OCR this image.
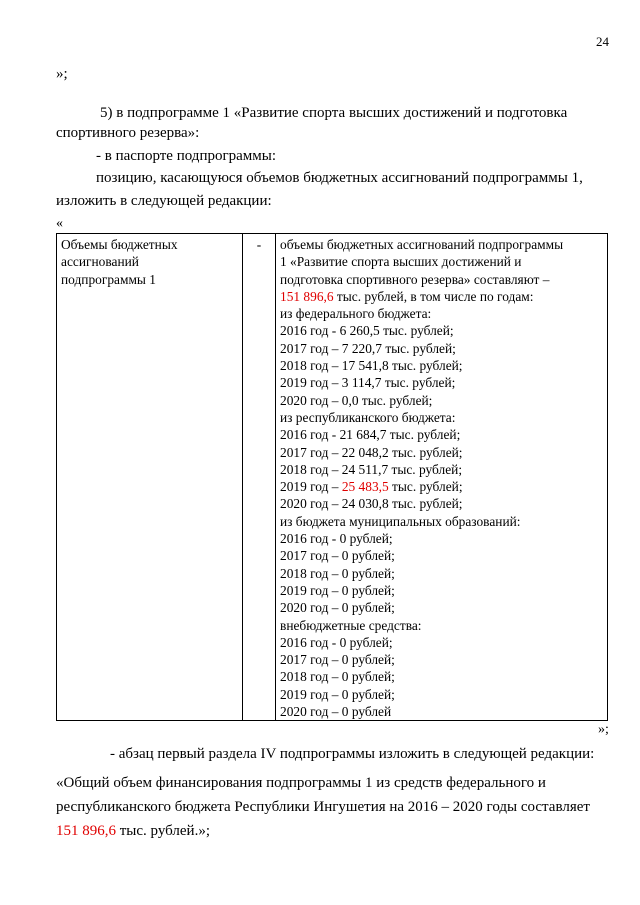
24
»;
5) в подпрограмме 1 «Развитие спорта высших достижений и подготовка
спортивного резерва»:
- в паспорте подпрограммы:
позицию, касающуюся объемов бюджетных ассигнований подпрограммы 1,
изложить в следующей редакции:
«
Объемы бюджетных
ассигнований
подпрограммы 1
	-	объемы бюджетных ассигнований подпрограммы
1 «Развитие спорта высших достижений и
подготовка спортивного резерва» составляют –
151 896,6 тыс. рублей, в том числе по годам:
из федерального бюджета:
2016 год - 6 260,5 тыс. рублей;
2017 год – 7 220,7 тыс. рублей;
2018 год – 17 541,8 тыс. рублей;
2019 год – 3 114,7 тыс. рублей;
2020 год – 0,0 тыс. рублей;
из республиканского бюджета:
2016 год - 21 684,7 тыс. рублей;
2017 год – 22 048,2 тыс. рублей;
2018 год – 24 511,7 тыс. рублей;
2019 год – 25 483,5 тыс. рублей;
2020 год – 24 030,8 тыс. рублей;
из бюджета муниципальных образований:
2016 год - 0 рублей;
2017 год – 0 рублей;
2018 год – 0 рублей;
2019 год – 0 рублей;
2020 год – 0 рублей;
внебюджетные средства:
2016 год - 0 рублей;
2017 год – 0 рублей;
2018 год – 0 рублей;
2019 год – 0 рублей;
2020 год – 0 рублей
»;
- абзац первый раздела IV подпрограммы изложить в следующей редакции:
«Общий объем финансирования подпрограммы 1 из средств федерального и
республиканского бюджета Республики Ингушетия на 2016 – 2020 годы составляет
151 896,6 тыс. рублей.»;
